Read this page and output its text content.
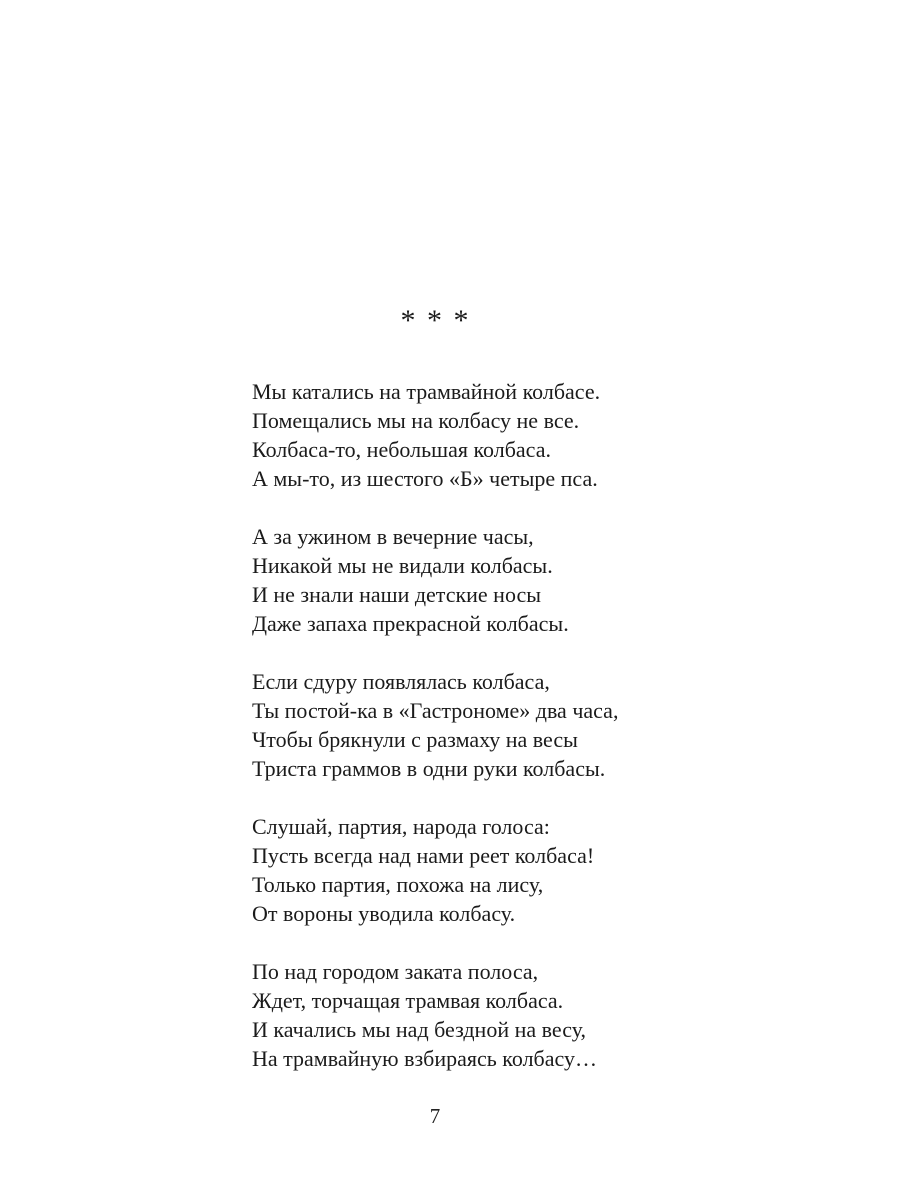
* * *

Мы катались на трамвайной колбасе.

Помещались мы на колбасу не все.

Колбаса-то, небольшая колбаса.

А мы-то, из шестого «Б» четыре пса.

А за ужином в вечерние часы,

Никакой мы не видали колбасы.

И не знали наши детские носы

Даже запаха прекрасной колбасы.

Если сдуру появлялась колбаса,

Ты постой-ка в «Гастрономе» два часа,

Чтобы брякнули с размаху на весы

Триста граммов в одни руки колбасы.

Слушай, партия, народа голоса:

Пусть всегда над нами реет колбаса!

Только партия, похожа на лису,

От вороны уводила колбасу.

По над городом заката полоса,

Ждет, торчащая трамвая колбаса.

И качались мы над бездной на весу,

На трамвайную взбираясь колбасу…

7
